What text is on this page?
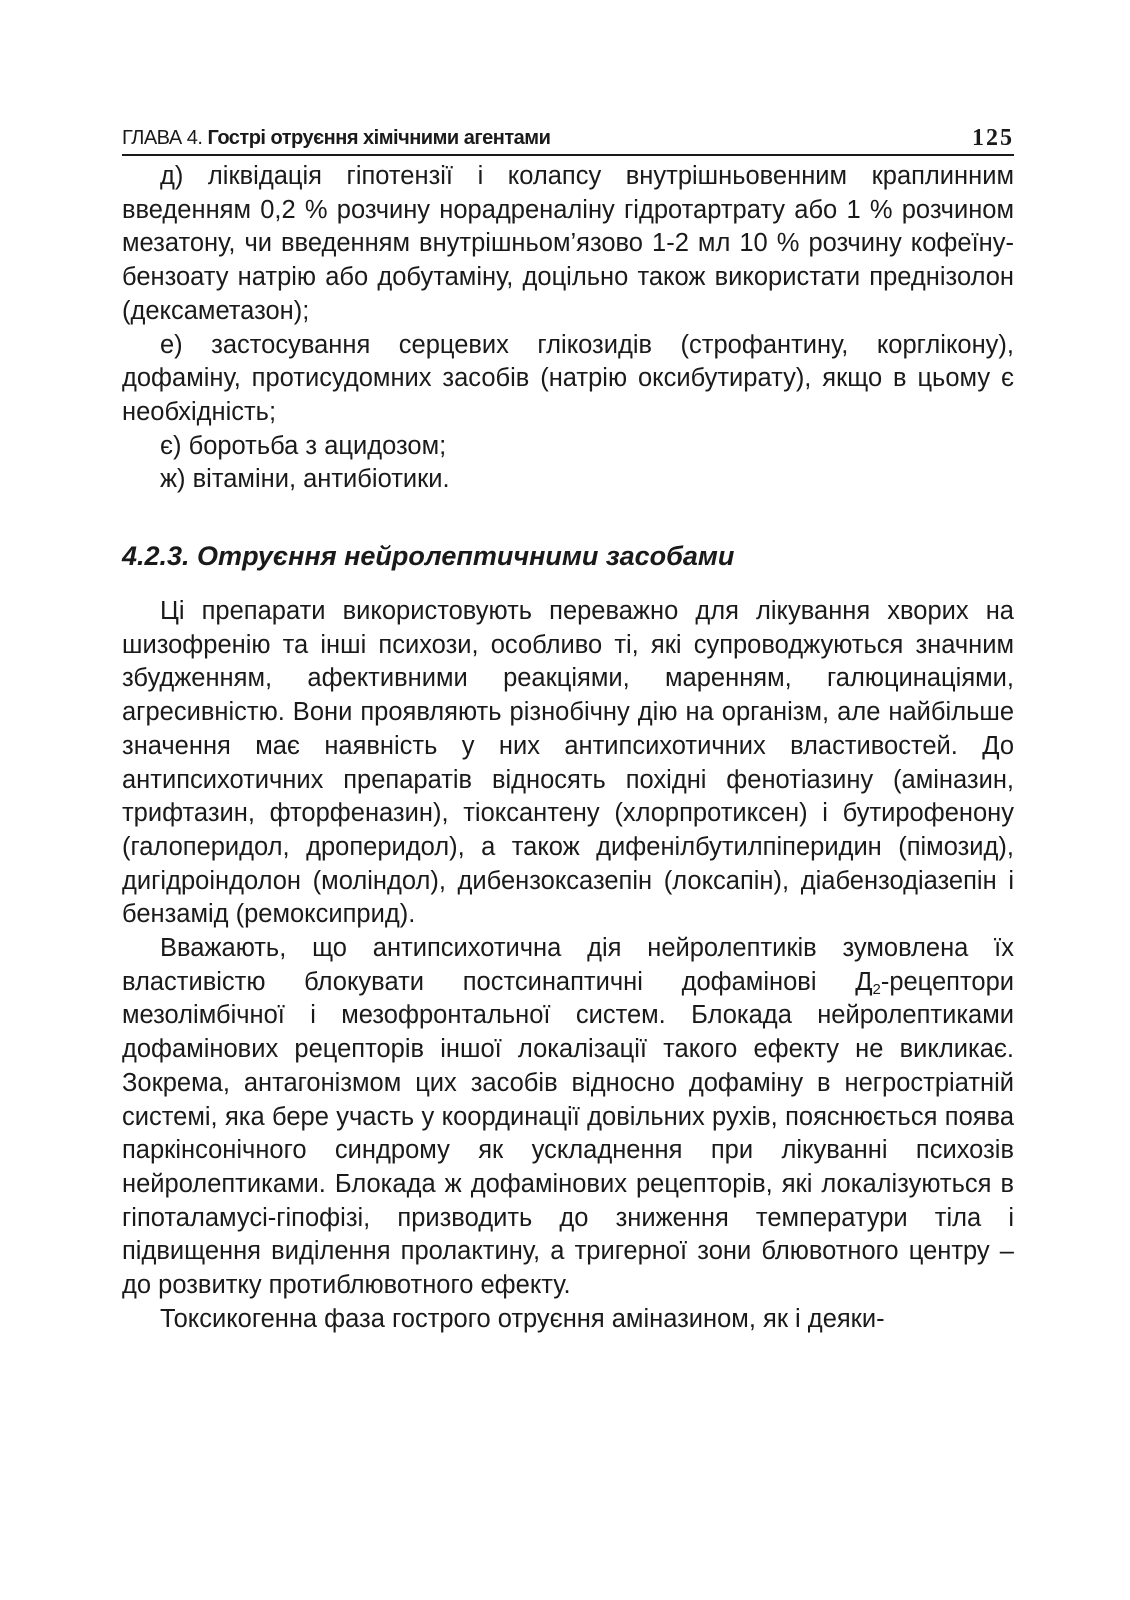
ГЛАВА 4. Гострі отруєння хімічними агентами	125

д) ліквідація гіпотензії і колапсу внутрішньовенним краплинним введенням 0,2 % розчину норадреналіну гідротартрату або 1 % розчином мезатону, чи введенням внутрішньом’язово 1-2 мл 10 % розчину кофеїну-бензоату натрію або добутаміну, доцільно також використати преднізолон (дексаметазон);

е) застосування серцевих глікозидів (строфантину, корглікону), дофаміну, протисудомних засобів (натрію оксибутирату), якщо в цьому є необхідність;

є) боротьба з ацидозом;

ж) вітаміни, антибіотики.

4.2.3. Отруєння нейролептичними засобами

Ці препарати використовують переважно для лікування хворих на шизофренію та інші психози, особливо ті, які супроводжуються значним збудженням, афективними реакціями, маренням, галюцинаціями, агресивністю. Вони проявляють різнобічну дію на організм, але найбільше значення має наявність у них антипсихотичних властивостей. До антипсихотичних препаратів відносять похідні фенотіазину (аміназин, трифтазин, фторфеназин), тіоксантену (хлорпротиксен) і бутирофенону (галоперидол, дроперидол), а також дифенілбутилпіперидин (пімозид), дигідроіндолон (моліндол), дибензоксазепін (локсапін), діабензодіазепін і бензамід (ремоксиприд).

Вважають, що антипсихотична дія нейролептиків зумовлена їх властивістю блокувати постсинаптичні дофамінові $Д_2$-рецептори мезолімбічної і мезофронтальної систем. Блокада нейролептиками дофамінових рецепторів іншої локалізації такого ефекту не викликає. Зокрема, антагонізмом цих засобів відносно дофаміну в негростріатній системі, яка бере участь у координації довільних рухів, пояснюється поява паркінсонічного синдрому як ускладнення при лікуванні психозів нейролептиками. Блокада ж дофамінових рецепторів, які локалізуються в гіпоталамусі-гіпофізі, призводить до зниження температури тіла і підвищення виділення пролактину, а тригерної зони блювотного центру – до розвитку протиблювотного ефекту.

Токсикогенна фаза гострого отруєння аміназином, як і деяки-
